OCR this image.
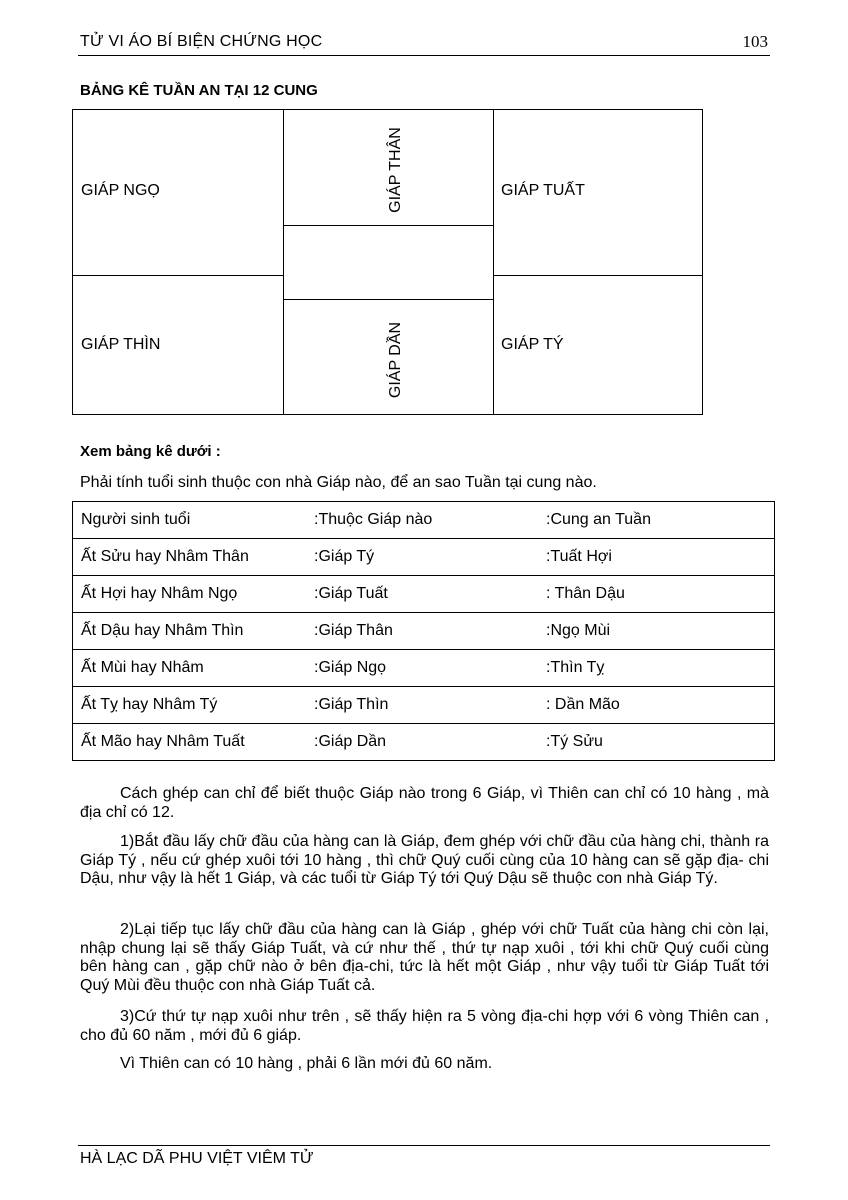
TỬ VI ÁO BÍ BIỆN CHỨNG HỌC	103
BẢNG KÊ TUẦN AN TẠI 12 CUNG
GIÁP NGỌ	GIÁP TUẤT
GIÁP THÌN	GIÁP TÝ
GIÁP THÂN
GIÁP DẦN
Xem bảng kê dưới :
Phải tính tuổi sinh thuộc con nhà Giáp nào, để an sao Tuần tại cung nào.
Người sinh tuổi	:Thuộc Giáp nào	:Cung an Tuần
Ất Sửu hay Nhâm Thân	:Giáp Tý	:Tuất Hợi
Ất Hợi hay Nhâm Ngọ	:Giáp Tuất	: Thân Dậu
Ất Dậu hay Nhâm Thìn	:Giáp Thân	:Ngọ Mùi
Ất Mùi hay Nhâm	:Giáp Ngọ	:Thìn Tỵ
Ất Tỵ hay Nhâm Tý	:Giáp Thìn	: Dần Mão
Ất Mão hay Nhâm Tuất	:Giáp Dần	:Tý Sửu
Cách ghép can chỉ để biết thuộc Giáp nào trong 6 Giáp, vì Thiên can chỉ có 10 hàng , mà địa chỉ có 12.
1)Bắt đầu lấy chữ đầu của hàng can là Giáp, đem ghép với chữ đầu của hàng chi, thành ra Giáp Tý , nếu cứ ghép xuôi tới 10 hàng , thì chữ Quý cuối cùng của 10 hàng can sẽ gặp địa- chi Dậu, như vậy là hết 1 Giáp, và các tuổi từ Giáp Tý tới Quý Dậu sẽ thuộc con nhà Giáp Tý.
2)Lại tiếp tục lấy chữ đầu của hàng can là Giáp , ghép với chữ Tuất của hàng chi còn lại, nhập chung lại sẽ thấy Giáp Tuất, và cứ như thế , thứ tự nạp xuôi , tới khi chữ Quý cuối cùng bên hàng can , gặp chữ nào ở bên địa-chi, tức là hết một Giáp , như vậy tuổi từ Giáp Tuất tới Quý Mùi đều thuộc con nhà Giáp Tuất cả.
3)Cứ thứ tự nạp xuôi như trên , sẽ thấy hiện ra 5 vòng địa-chi hợp với 6 vòng Thiên can , cho đủ 60 năm , mới đủ 6 giáp.
Vì Thiên can có 10 hàng , phải 6 lần mới đủ 60 năm.
HÀ LẠC DÃ PHU VIỆT VIÊM TỬ
